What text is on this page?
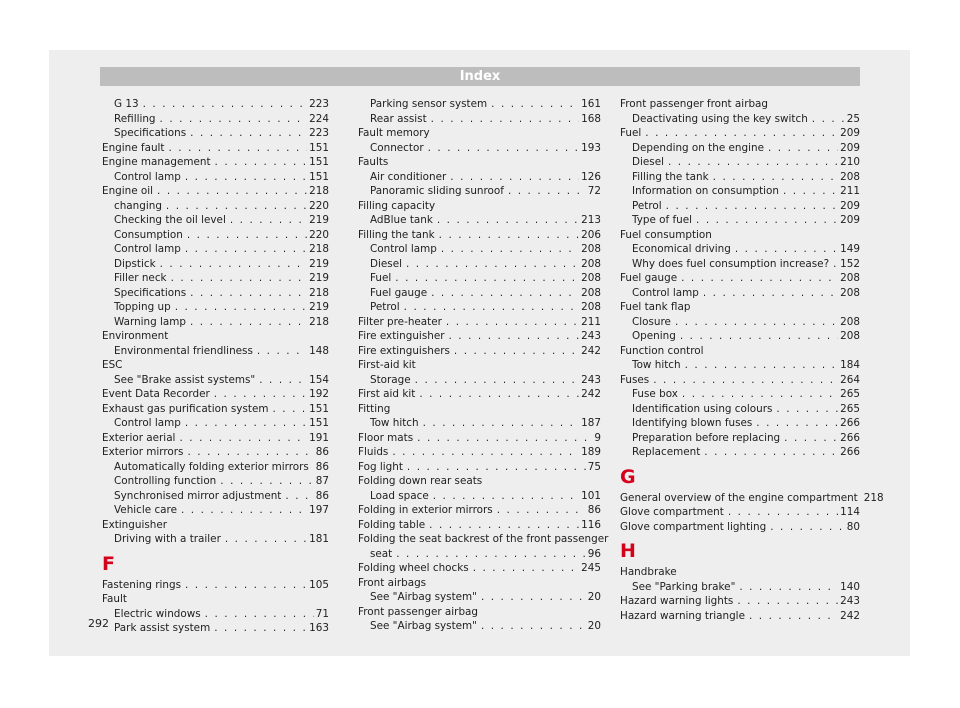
Index
G 13 . . .	223
Refilling . . .	224
Specifications . . .	223
Engine fault . . .	151
Engine management . . .	151
Control lamp . . .	151
Engine oil . . .	218
changing . . .	220
Checking the oil level . . .	219
Consumption . . .	220
Control lamp . . .	218
Dipstick . . .	219
Filler neck . . .	219
Specifications . . .	218
Topping up . . .	219
Warning lamp . . .	218
Environment
Environmental friendliness . . .	148
ESC
See "Brake assist systems" . . .	154
Event Data Recorder . . .	192
Exhaust gas purification system . . .	151
Control lamp . . .	151
Exterior aerial . . .	191
Exterior mirrors . . .	86
Automatically folding exterior mirrors . . . 86
Controlling function . . .	87
Synchronised mirror adjustment . . .	86
Vehicle care . . .	197
Extinguisher
Driving with a trailer . . .	181
F
Fastening rings . . .	105
Fault
Electric windows . . .	71
Park assist system . . .	163
Parking sensor system . . .	161
Rear assist . . .	168
Fault memory
Connector . . .	193
Faults
Air conditioner . . .	126
Panoramic sliding sunroof . . .	72
Filling capacity
AdBlue tank . . .	213
Filling the tank . . .	206
Control lamp . . .	208
Diesel . . .	208
Fuel . . .	208
Fuel gauge . . .	208
Petrol . . .	208
Filter pre-heater . . .	211
Fire extinguisher . . .	243
Fire extinguishers . . .	242
First-aid kit
Storage . . .	243
First aid kit . . .	242
Fitting
Tow hitch . . .	187
Floor mats . . .	9
Fluids . . .	189
Fog light . . .	75
Folding down rear seats
Load space . . .	101
Folding in exterior mirrors . . .	86
Folding table . . .	116
Folding the seat backrest of the front passenger
seat . . .	96
Folding wheel chocks . . .	245
Front airbags
See "Airbag system" . . .	20
Front passenger airbag
See "Airbag system" . . .	20
Front passenger front airbag
Deactivating using the key switch . . .	25
Fuel . . .	209
Depending on the engine . . .	209
Diesel . . .	210
Filling the tank . . .	208
Information on consumption . . .	211
Petrol . . .	209
Type of fuel . . .	209
Fuel consumption
Economical driving . . .	149
Why does fuel consumption increase? . . . 152
Fuel gauge . . .	208
Control lamp . . .	208
Fuel tank flap
Closure . . .	208
Opening . . .	208
Function control
Tow hitch . . .	184
Fuses . . .	264
Fuse box . . .	265
Identification using colours . . .	265
Identifying blown fuses . . .	266
Preparation before replacing . . .	266
Replacement . . .	266
G
General overview of the engine compartment 218
Glove compartment . . .	114
Glove compartment lighting . . .	80
H
Handbrake
See "Parking brake" . . .	140
Hazard warning lights . . .	243
Hazard warning triangle . . .	242
292
